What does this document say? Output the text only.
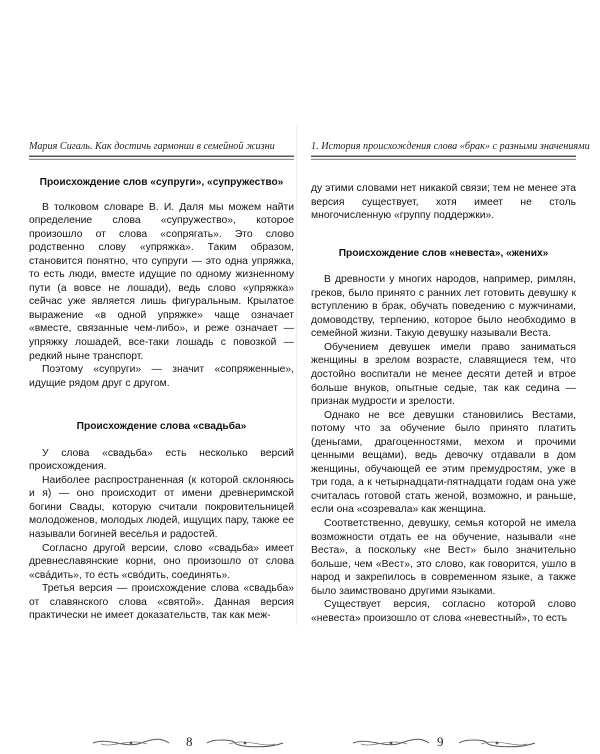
Мария Сигаль. Как достичь гармонии в семейной жизни
Происхождение слов «супруги», «супружество»

В толковом словаре В. И. Даля мы можем найти определение слова «супружество», которое произошло от слова «сопрягать». Это слово родственно слову «упряжка». Таким образом, становится понятно, что супруги — это одна упряжка, то есть люди, вместе идущие по одному жизненному пути (а вовсе не лошади), ведь слово «упряжка» сейчас уже является лишь фигуральным. Крылатое выражение «в одной упряжке» чаще означает «вместе, связанные чем-либо», и реже означает — упряжку лошадей, все-таки лошадь с повозкой — редкий ныне транспорт.

Поэтому «супруги» — значит «сопряженные», идущие рядом друг с другом.

Происхождение слова «свадьба»

У слова «свадьба» есть несколько версий происхождения.

Наиболее распространенная (к которой склоняюсь и я) — оно происходит от имени древнеримской богини Свады, которую считали покровительницей молодоженов, молодых людей, ищущих пару, также ее называли богиней веселья и радостей.

Согласно другой версии, слово «свадьба» имеет древнеславянские корни, оно произошло от слова «свáдить», то есть «свóдить, соединять».

Третья версия — происхождение слова «свадьба» от славянского слова «святой». Данная версия практически не имеет доказательств, так как меж-

8
1. История происхождения слова «брак» с разными значениями

ду этими словами нет никакой связи; тем не менее эта версия существует, хотя имеет не столь многочисленную «группу поддержки».

Происхождение слов «невеста», «жених»

В древности у многих народов, например, римлян, греков, было принято с ранних лет готовить девушку к вступлению в брак, обучать поведению с мужчинами, домоводству, терпению, которое было необходимо в семейной жизни. Такую девушку называли Веста.

Обучением девушек имели право заниматься женщины в зрелом возрасте, славящиеся тем, что достойно воспитали не менее десяти детей и втрое больше внуков, опытные седые, так как седина — признак мудрости и зрелости.

Однако не все девушки становились Вестами, потому что за обучение было принято платить (деньгами, драгоценностями, мехом и прочими ценными вещами), ведь девочку отдавали в дом женщины, обучающей ее этим премудростям, уже в три года, а к четырнадцати-пятнадцати годам она уже считалась готовой стать женой, возможно, и раньше, если она «созревала» как женщина.

Соответственно, девушку, семья которой не имела возможности отдать ее на обучение, называли «не Веста», а поскольку «не Вест» было значительно больше, чем «Вест», это слово, как говорится, ушло в народ и закрепилось в современном языке, а также было заимствовано другими языками.

Существует версия, согласно которой слово «невеста» произошло от слова «невестный», то есть

9
